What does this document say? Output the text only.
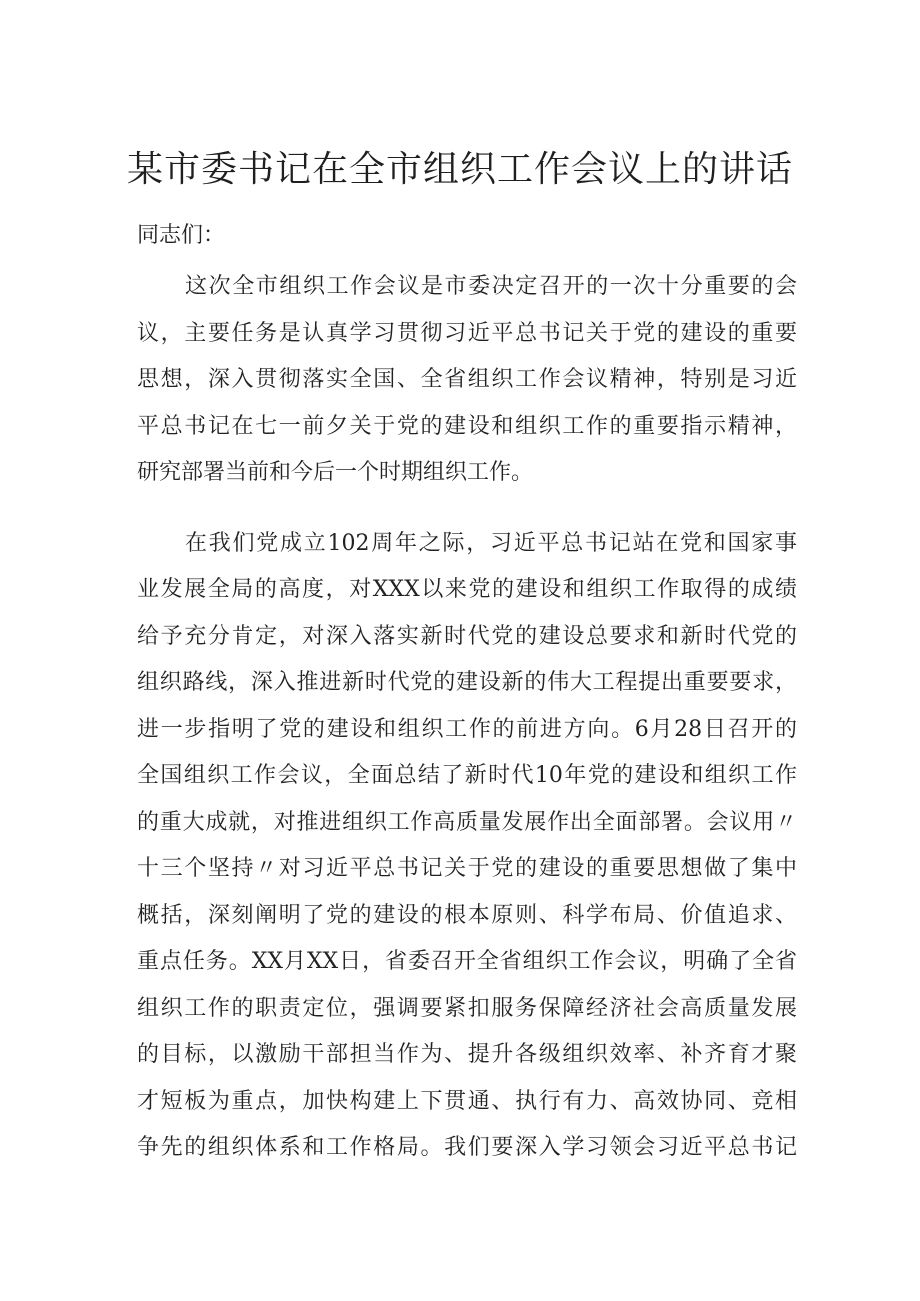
某市委书记在全市组织工作会议上的讲话
同志们：
这次全市组织工作会议是市委决定召开的一次十分重要的会
议，主要任务是认真学习贯彻习近平总书记关于党的建设的重要
思想，深入贯彻落实全国、全省组织工作会议精神，特别是习近
平总书记在七一前夕关于党的建设和组织工作的重要指示精神，
研究部署当前和今后一个时期组织工作。
在我们党成立102周年之际，习近平总书记站在党和国家事
业发展全局的高度，对XXX以来党的建设和组织工作取得的成绩
给予充分肯定，对深入落实新时代党的建设总要求和新时代党的
组织路线，深入推进新时代党的建设新的伟大工程提出重要要求，
进一步指明了党的建设和组织工作的前进方向。6月28日召开的
全国组织工作会议，全面总结了新时代10年党的建设和组织工作
的重大成就，对推进组织工作高质量发展作出全面部署。会议用〃
十三个坚持〃对习近平总书记关于党的建设的重要思想做了集中
概括，深刻阐明了党的建设的根本原则、科学布局、价值追求、
重点任务。XX月XX日，省委召开全省组织工作会议，明确了全省
组织工作的职责定位，强调要紧扣服务保障经济社会高质量发展
的目标，以激励干部担当作为、提升各级组织效率、补齐育才聚
才短板为重点，加快构建上下贯通、执行有力、高效协同、竞相
争先的组织体系和工作格局。我们要深入学习领会习近平总书记
